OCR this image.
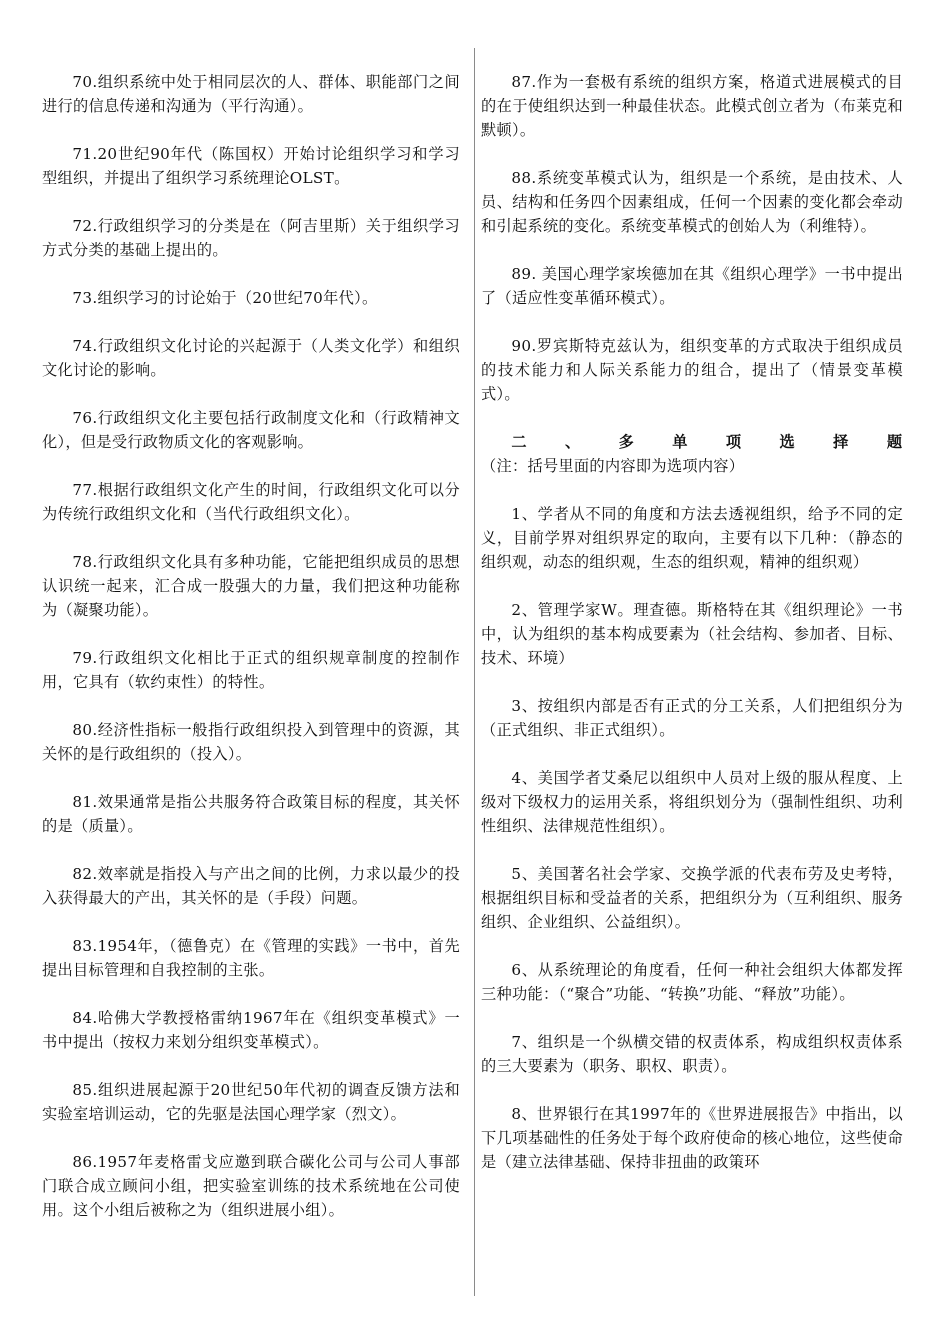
70.组织系统中处于相同层次的人、群体、职能部门之间进行的信息传递和沟通为（平行沟通）。

71.20世纪90年代（陈国权）开始讨论组织学习和学习型组织，并提出了组织学习系统理论OLST。

72.行政组织学习的分类是在（阿吉里斯）关于组织学习方式分类的基础上提出的。

73.组织学习的讨论始于（20世纪70年代）。

74.行政组织文化讨论的兴起源于（人类文化学）和组织文化讨论的影响。

76.行政组织文化主要包括行政制度文化和（行政精神文化），但是受行政物质文化的客观影响。

77.根据行政组织文化产生的时间，行政组织文化可以分为传统行政组织文化和（当代行政组织文化）。

78.行政组织文化具有多种功能，它能把组织成员的思想认识统一起来，汇合成一股强大的力量，我们把这种功能称为（凝聚功能）。

79.行政组织文化相比于正式的组织规章制度的控制作用，它具有（软约束性）的特性。

80.经济性指标一般指行政组织投入到管理中的资源，其关怀的是行政组织的（投入）。

81.效果通常是指公共服务符合政策目标的程度，其关怀的是（质量）。

82.效率就是指投入与产出之间的比例，力求以最少的投入获得最大的产出，其关怀的是（手段）问题。

83.1954年，（德鲁克）在《管理的实践》一书中，首先提出目标管理和自我控制的主张。

84.哈佛大学教授格雷纳1967年在《组织变革模式》一书中提出（按权力来划分组织变革模式）。

85.组织进展起源于20世纪50年代初的调查反馈方法和实验室培训运动，它的先驱是法国心理学家（烈文）。

86.1957年麦格雷戈应邀到联合碳化公司与公司人事部门联合成立顾问小组，把实验室训练的技术系统地在公司使用。这个小组后被称之为（组织进展小组）。

87.作为一套极有系统的组织方案，格道式进展模式的目的在于使组织达到一种最佳状态。此模式创立者为（布莱克和默顿）。

88.系统变革模式认为，组织是一个系统，是由技术、人员、结构和任务四个因素组成，任何一个因素的变化都会牵动和引起系统的变化。系统变革模式的创始人为（利维特）。

89. 美国心理学家埃德加在其《组织心理学》一书中提出了（适应性变革循环模式）。

90.罗宾斯特克兹认为，组织变革的方式取决于组织成员的技术能力和人际关系能力的组合，提出了（情景变革模式）。

二、多单项选择题（注：括号里面的内容即为选项内容）

1、学者从不同的角度和方法去透视组织，给予不同的定义，目前学界对组织界定的取向，主要有以下几种：（静态的组织观，动态的组织观，生态的组织观，精神的组织观）

2、管理学家W。理查德。斯格特在其《组织理论》一书中，认为组织的基本构成要素为（社会结构、参加者、目标、技术、环境）

3、按组织内部是否有正式的分工关系，人们把组织分为（正式组织、非正式组织）。

4、美国学者艾桑尼以组织中人员对上级的服从程度、上级对下级权力的运用关系，将组织划分为（强制性组织、功利性组织、法律规范性组织）。

5、美国著名社会学家、交换学派的代表布劳及史考特，根据组织目标和受益者的关系，把组织分为（互利组织、服务组织、企业组织、公益组织）。

6、从系统理论的角度看，任何一种社会组织大体都发挥三种功能：（“聚合”功能、“转换”功能、“释放”功能）。

7、组织是一个纵横交错的权责体系，构成组织权责体系的三大要素为（职务、职权、职责）。

8、世界银行在其1997年的《世界进展报告》中指出，以下几项基础性的任务处于每个政府使命的核心地位，这些使命是（建立法律基础、保持非扭曲的政策环
